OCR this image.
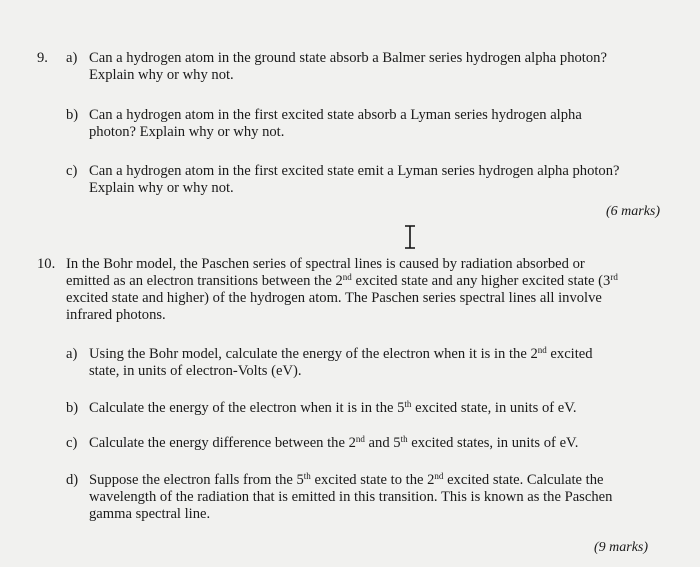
9. a) Can a hydrogen atom in the ground state absorb a Balmer series hydrogen alpha photon?
Explain why or why not.
b) Can a hydrogen atom in the first excited state absorb a Lyman series hydrogen alpha
photon? Explain why or why not.
c) Can a hydrogen atom in the first excited state emit a Lyman series hydrogen alpha photon?
Explain why or why not.
(6 marks)
10. In the Bohr model, the Paschen series of spectral lines is caused by radiation absorbed or
emitted as an electron transitions between the 2nd excited state and any higher excited state (3rd
excited state and higher) of the hydrogen atom. The Paschen series spectral lines all involve
infrared photons.
a) Using the Bohr model, calculate the energy of the electron when it is in the 2nd excited
state, in units of electron-Volts (eV).
b) Calculate the energy of the electron when it is in the 5th excited state, in units of eV.
c) Calculate the energy difference between the 2nd and 5th excited states, in units of eV.
d) Suppose the electron falls from the 5th excited state to the 2nd excited state. Calculate the
wavelength of the radiation that is emitted in this transition. This is known as the Paschen
gamma spectral line.
(9 marks)
